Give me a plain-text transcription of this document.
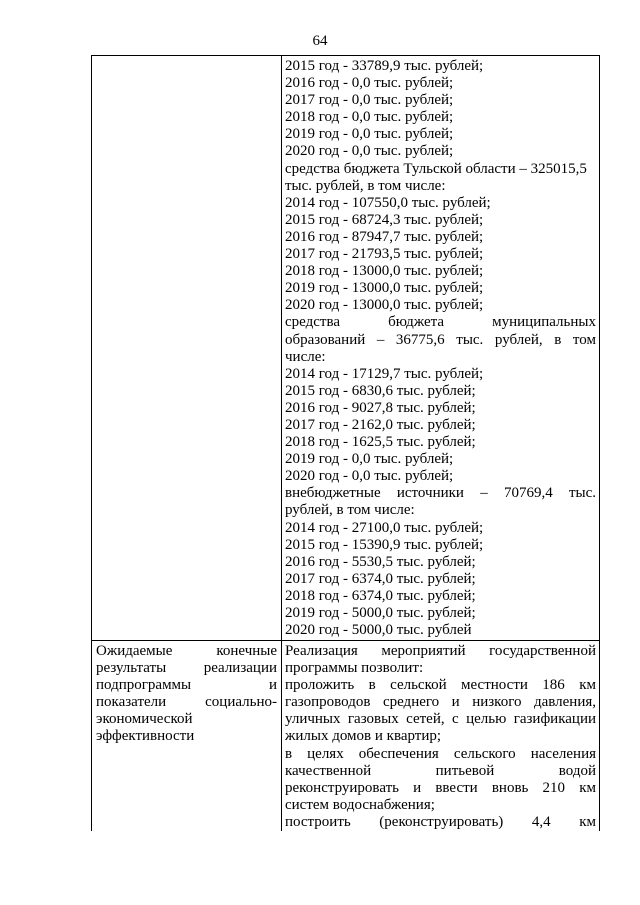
64
2015 год - 33789,9 тыс. рублей;
2016 год - 0,0 тыс. рублей;
2017 год - 0,0 тыс. рублей;
2018 год - 0,0 тыс. рублей;
2019 год - 0,0 тыс. рублей;
2020 год - 0,0 тыс. рублей;
средства бюджета Тульской области – 325015,5
тыс. рублей, в том числе:
2014 год - 107550,0 тыс. рублей;
2015 год - 68724,3 тыс. рублей;
2016 год - 87947,7 тыс. рублей;
2017 год - 21793,5 тыс. рублей;
2018 год - 13000,0 тыс. рублей;
2019 год - 13000,0 тыс. рублей;
2020 год - 13000,0 тыс. рублей;
средства бюджета муниципальных
образований – 36775,6 тыс. рублей, в том
числе:
2014 год - 17129,7 тыс. рублей;
2015 год - 6830,6 тыс. рублей;
2016 год - 9027,8 тыс. рублей;
2017 год - 2162,0 тыс. рублей;
2018 год - 1625,5 тыс. рублей;
2019 год - 0,0 тыс. рублей;
2020 год - 0,0 тыс. рублей;
внебюджетные источники – 70769,4 тыс.
рублей, в том числе:
2014 год - 27100,0 тыс. рублей;
2015 год - 15390,9 тыс. рублей;
2016 год - 5530,5 тыс. рублей;
2017 год - 6374,0 тыс. рублей;
2018 год - 6374,0 тыс. рублей;
2019 год - 5000,0 тыс. рублей;
2020 год - 5000,0 тыс. рублей
Ожидаемые конечные
результаты реализации
подпрограммы и
показатели социально-
экономической
эффективности
Реализация мероприятий государственной
программы позволит:
проложить в сельской местности 186 км
газопроводов среднего и низкого давления,
уличных газовых сетей, с целью газификации
жилых домов и квартир;
в целях обеспечения сельского населения
качественной питьевой водой
реконструировать и ввести вновь 210 км
систем водоснабжения;
построить (реконструировать) 4,4 км
